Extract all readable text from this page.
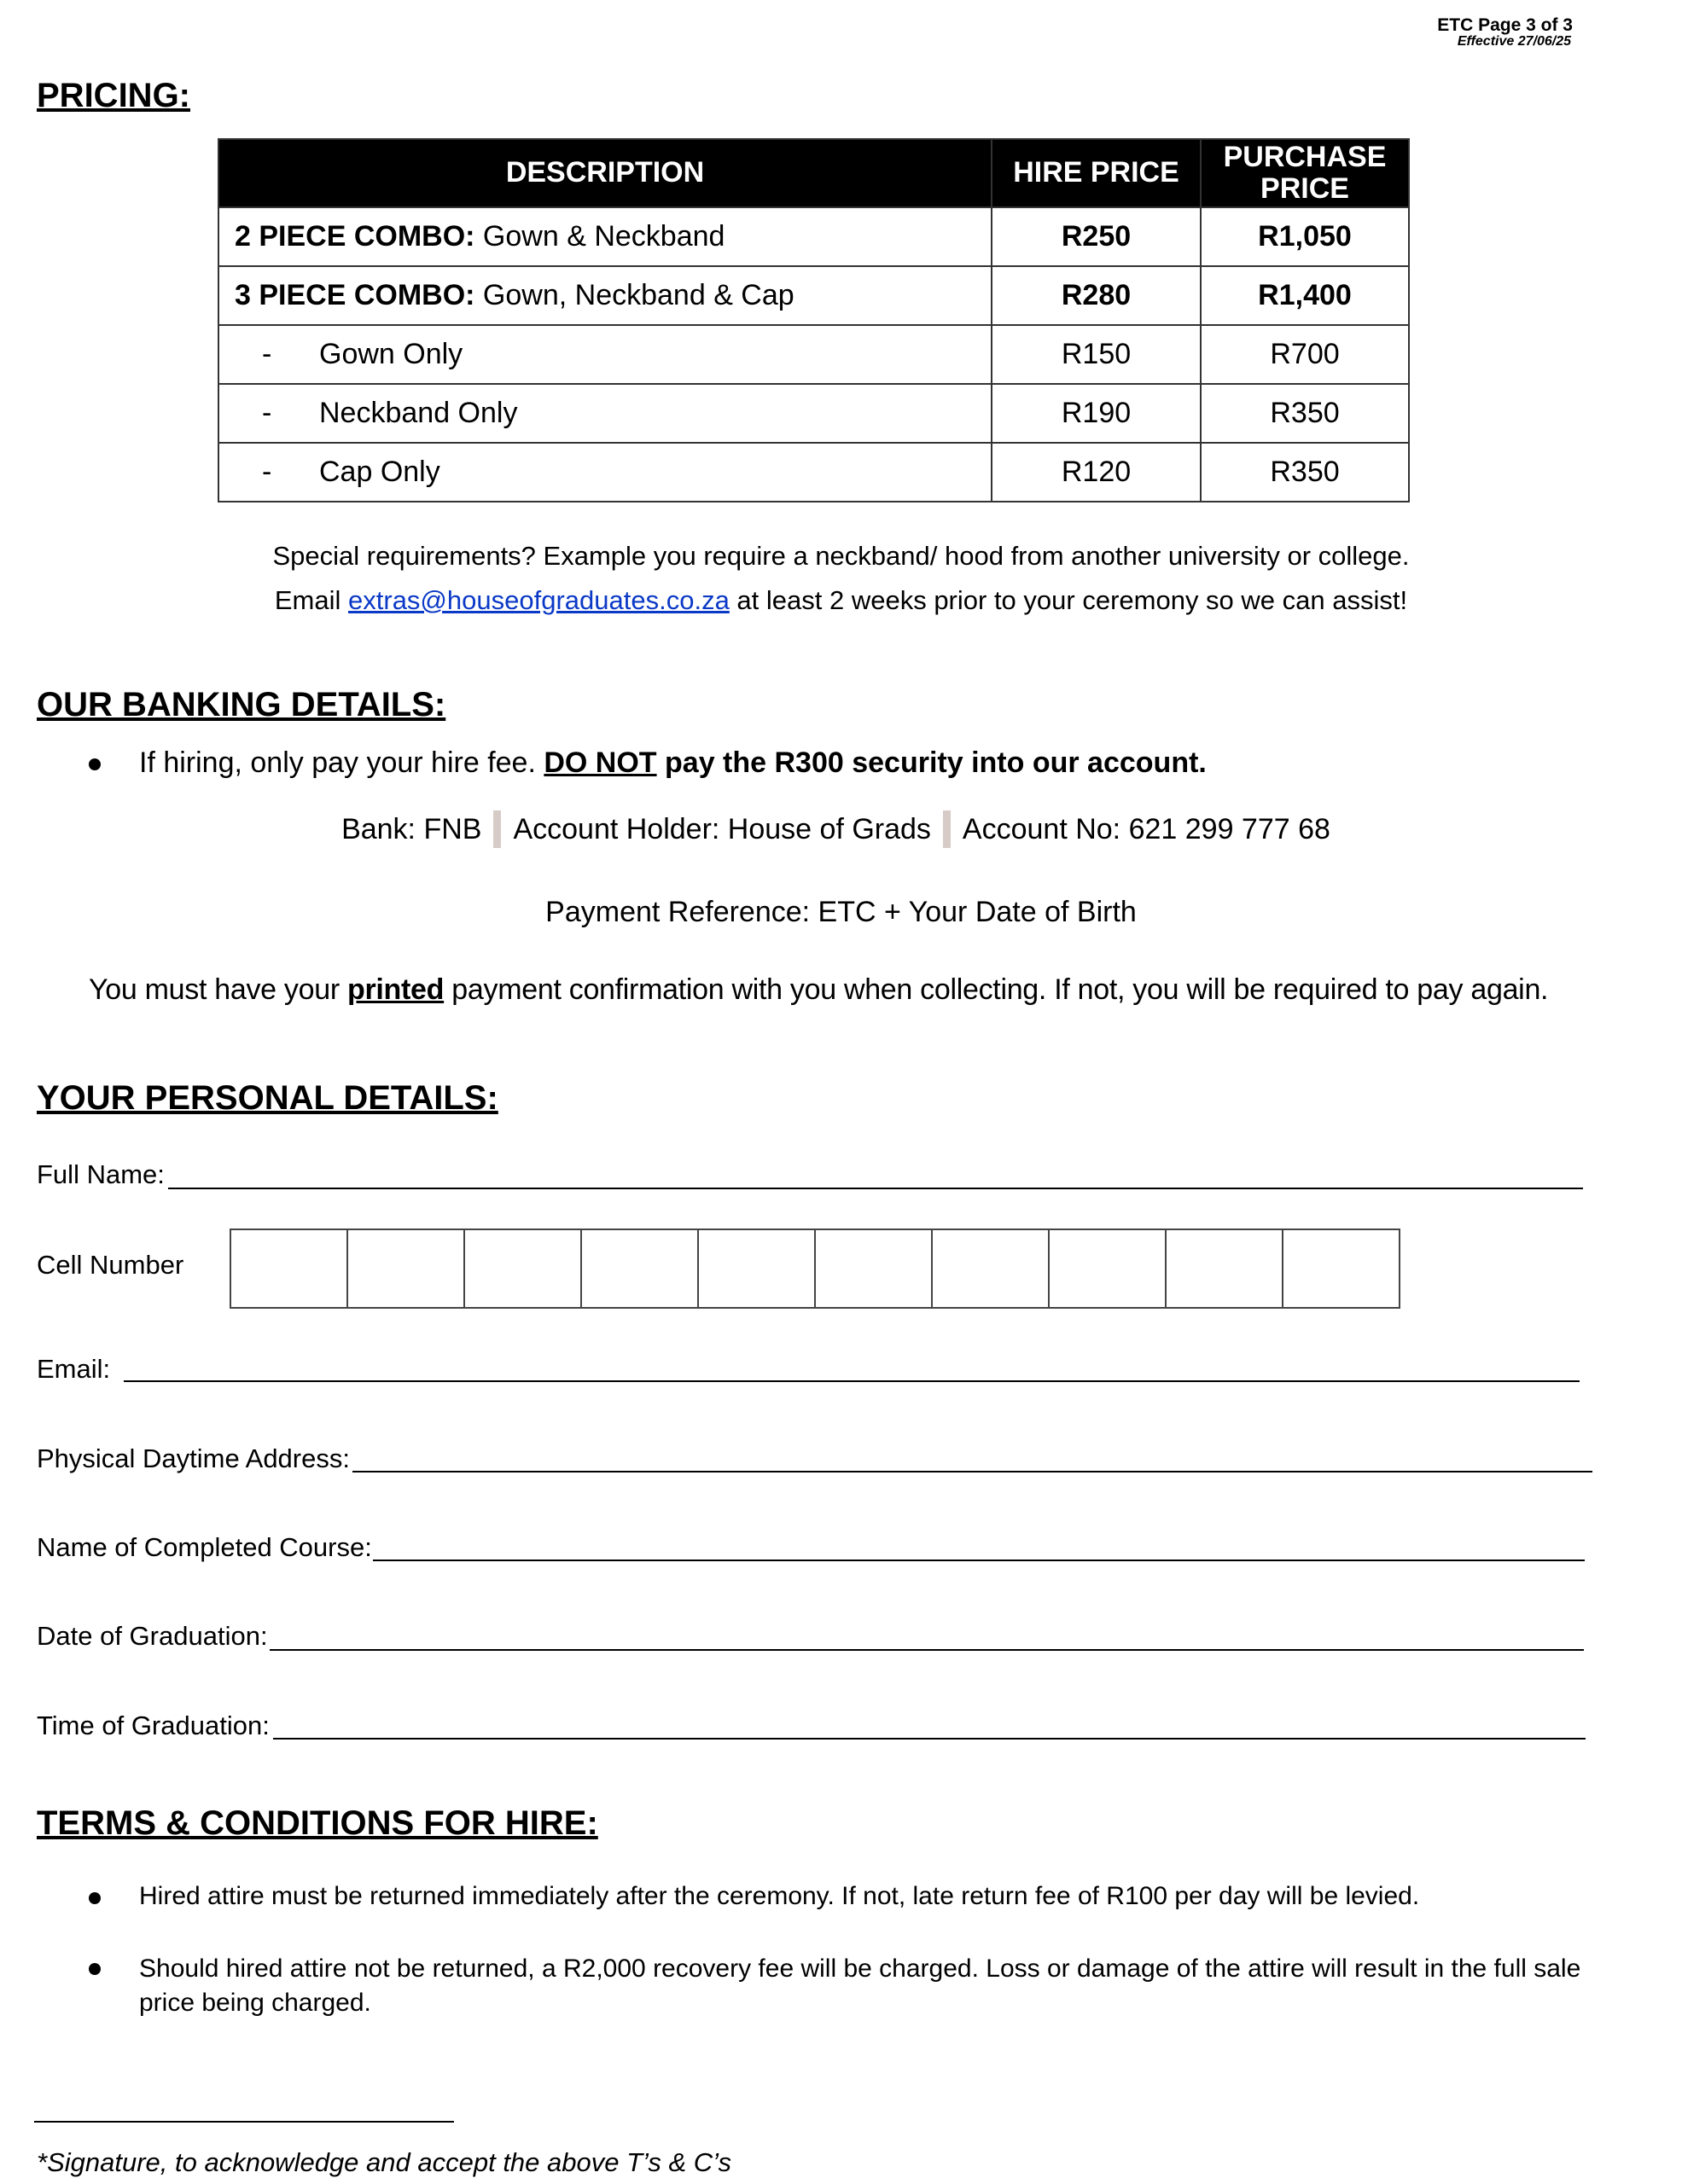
ETC Page 3 of 3
Effective 27/06/25
PRICING:
DESCRIPTION	HIRE PRICE	PURCHASE PRICE
2 PIECE COMBO: Gown & Neckband	R250	R1,050
3 PIECE COMBO: Gown, Neckband & Cap	R280	R1,400
- Gown Only	R150	R700
- Neckband Only	R190	R350
- Cap Only	R120	R350
Special requirements? Example you require a neckband/ hood from another university or college.
Email extras@houseofgraduates.co.za at least 2 weeks prior to your ceremony so we can assist!
OUR BANKING DETAILS:
If hiring, only pay your hire fee. DO NOT pay the R300 security into our account.
Bank: FNB Account Holder: House of Grads Account No: 621 299 777 68
Payment Reference: ETC + Your Date of Birth
You must have your printed payment confirmation with you when collecting. If not, you will be required to pay again.
YOUR PERSONAL DETAILS:
Full Name:
Cell Number
Email:
Physical Daytime Address:
Name of Completed Course:
Date of Graduation:
Time of Graduation:
TERMS & CONDITIONS FOR HIRE:
Hired attire must be returned immediately after the ceremony. If not, late return fee of R100 per day will be levied.
Should hired attire not be returned, a R2,000 recovery fee will be charged. Loss or damage of the attire will result in the full sale price being charged.
*Signature, to acknowledge and accept the above T’s & C’s
